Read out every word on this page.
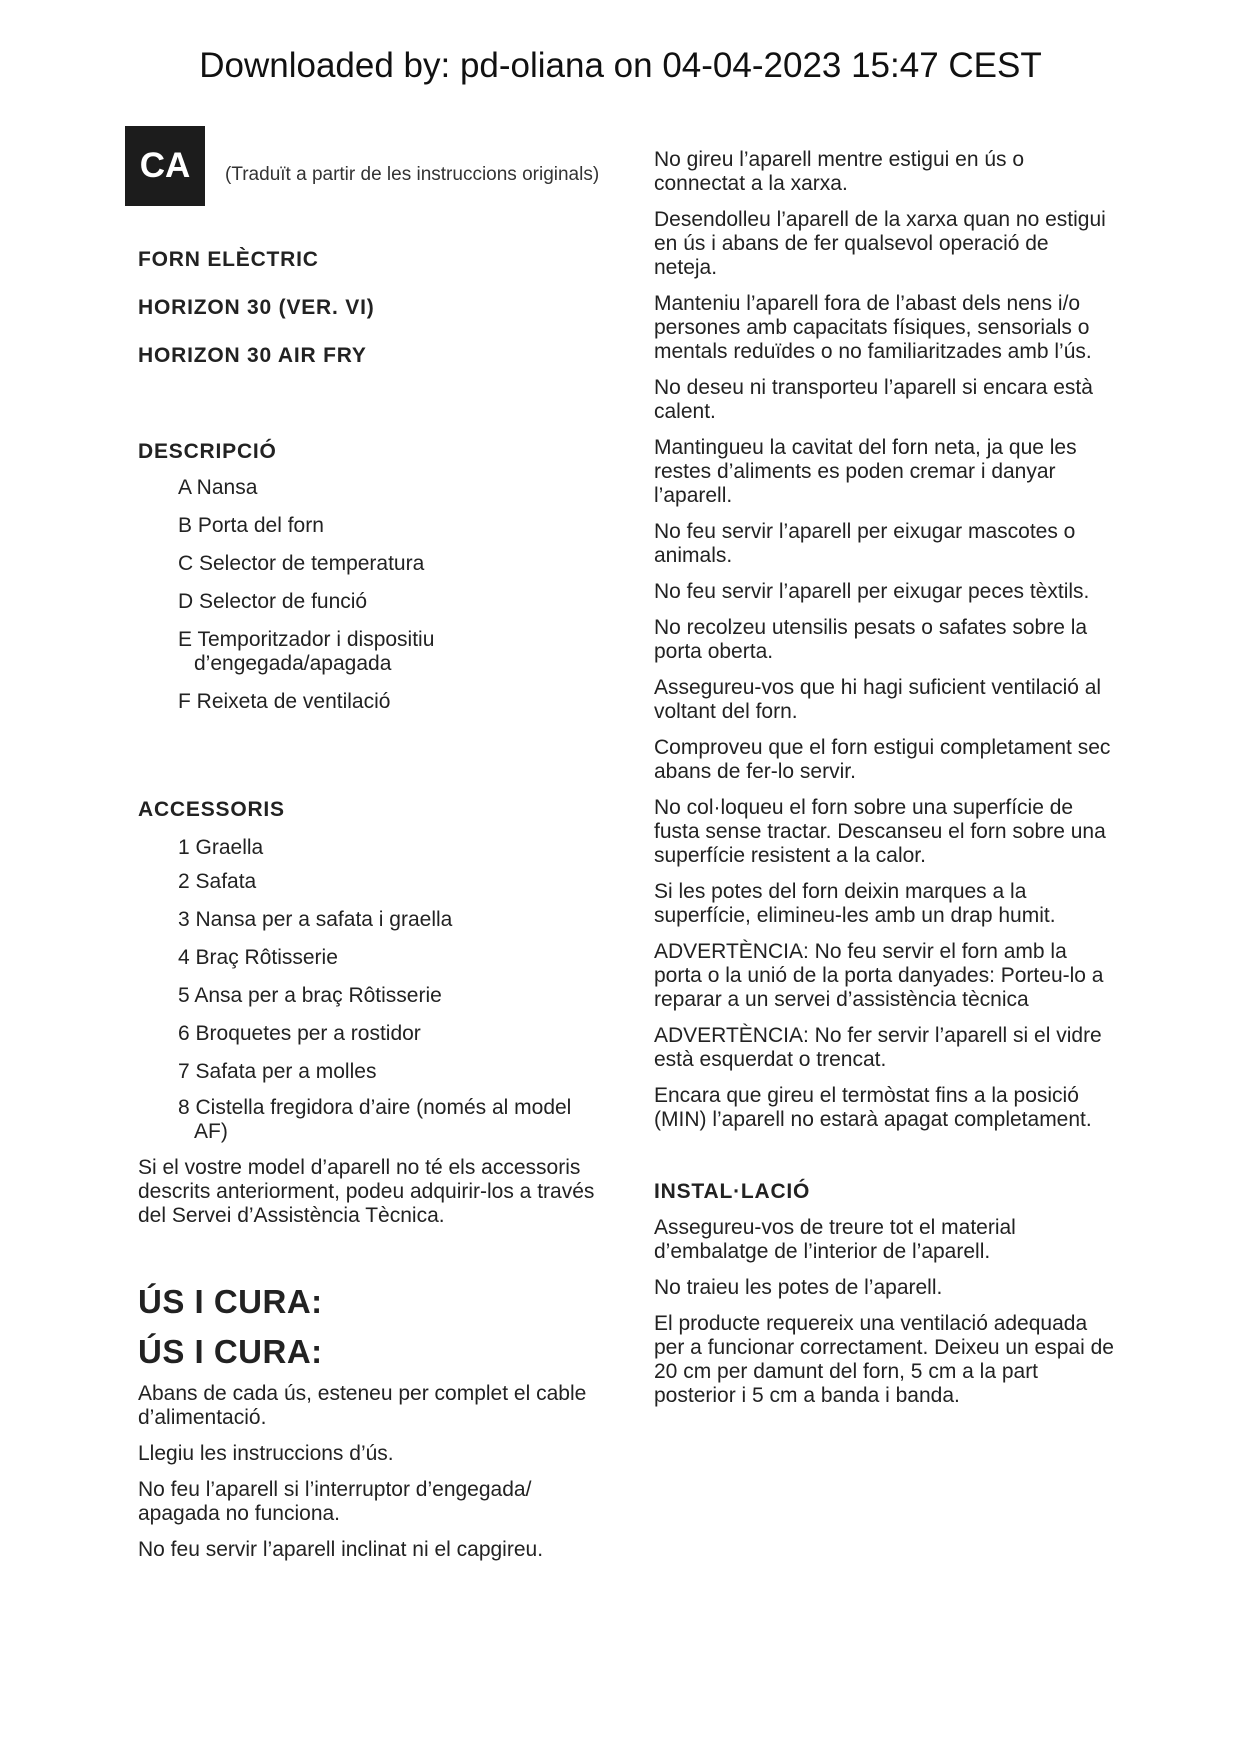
Downloaded by: pd-oliana on 04-04-2023 15:47 CEST
CA	(Traduït a partir de les instruccions originals)

FORN ELÈCTRIC

HORIZON 30 (VER. VI)

HORIZON 30 AIR FRY

DESCRIPCIÓ

A Nansa

B Porta del forn

C Selector de temperatura

D Selector de funció

E Temporitzador i dispositiu d’engegada/apagada

F Reixeta de ventilació

ACCESSORIS

1 Graella

2 Safata

3 Nansa per a safata i graella

4 Braç Rôtisserie

5 Ansa per a braç Rôtisserie

6 Broquetes per a rostidor

7 Safata per a molles

8 Cistella fregidora d’aire (només al model AF)

Si el vostre model d’aparell no té els accessoris descrits anteriorment, podeu adquirir-los a través del Servei d’Assistència Tècnica.

ÚS I CURA:

ÚS I CURA:

Abans de cada ús, esteneu per complet el cable d’alimentació.

Llegiu les instruccions d’ús.

No feu l’aparell si l’interruptor d’engegada/ apagada no funciona.

No feu servir l’aparell inclinat ni el capgireu.

No gireu l’aparell mentre estigui en ús o connectat a la xarxa.

Desendolleu l’aparell de la xarxa quan no estigui en ús i abans de fer qualsevol operació de neteja.

Manteniu l’aparell fora de l’abast dels nens i/o persones amb capacitats físiques, sensorials o mentals reduïdes o no familiaritzades amb l’ús.

No deseu ni transporteu l’aparell si encara està calent.

Mantingueu la cavitat del forn neta, ja que les restes d’aliments es poden cremar i danyar l’aparell.

No feu servir l’aparell per eixugar mascotes o animals.

No feu servir l’aparell per eixugar peces tèxtils.

No recolzeu utensilis pesats o safates sobre la porta oberta.

Assegureu-vos que hi hagi suficient ventilació al voltant del forn.

Comproveu que el forn estigui completament sec abans de fer-lo servir.

No col·loqueu el forn sobre una superfície de fusta sense tractar. Descanseu el forn sobre una superfície resistent a la calor.

Si les potes del forn deixin marques a la superfície, elimineu-les amb un drap humit.

ADVERTÈNCIA: No feu servir el forn amb la porta o la unió de la porta danyades: Porteu-lo a reparar a un servei d’assistència tècnica

ADVERTÈNCIA: No fer servir l’aparell si el vidre està esquerdat o trencat.

Encara que gireu el termòstat fins a la posició (MIN) l’aparell no estarà apagat completament.

INSTAL·LACIÓ

Assegureu-vos de treure tot el material d’embalatge de l’interior de l’aparell.

No traieu les potes de l’aparell.

El producte requereix una ventilació adequada per a funcionar correctament. Deixeu un espai de 20 cm per damunt del forn, 5 cm a la part posterior i 5 cm a banda i banda.
